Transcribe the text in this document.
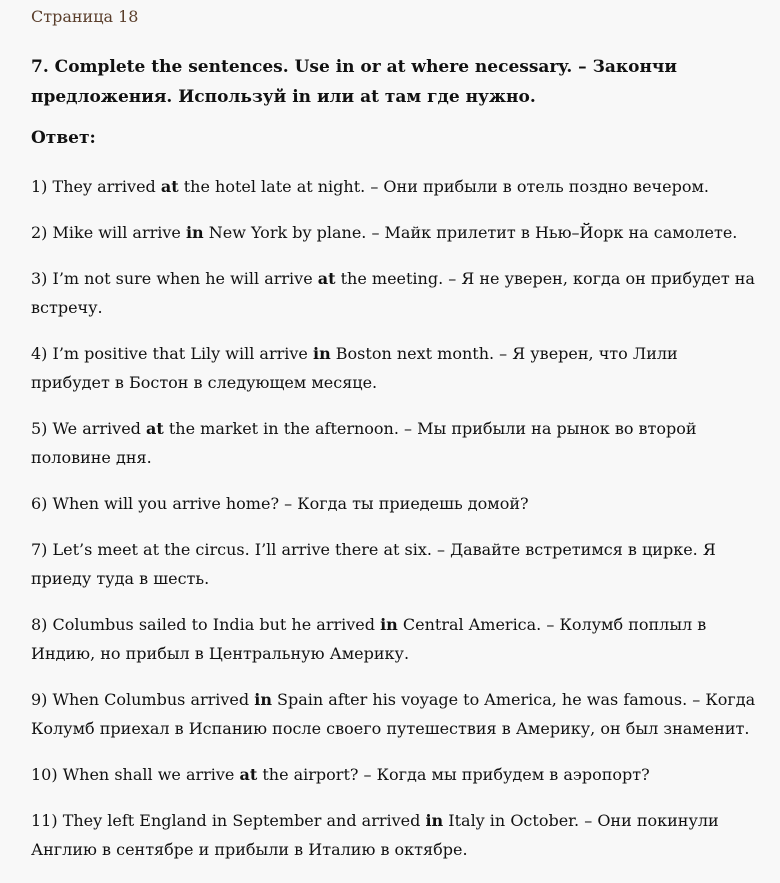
Страница 18

7. Complete the sentences. Use in or at where necessary. – Закончи предложения. Используй in или at там где нужно.

Ответ:

1) They arrived at the hotel late at night. – Они прибыли в отель поздно вечером.
2) Mike will arrive in New York by plane. – Майк прилетит в Нью–Йорк на самолете.
3) I’m not sure when he will arrive at the meeting. – Я не уверен, когда он прибудет на встречу.
4) I’m positive that Lily will arrive in Boston next month. – Я уверен, что Лили прибудет в Бостон в следующем месяце.
5) We arrived at the market in the afternoon. – Мы прибыли на рынок во второй половине дня.
6) When will you arrive home? – Когда ты приедешь домой?
7) Let’s meet at the circus. I’ll arrive there at six. – Давайте встретимся в цирке. Я приеду туда в шесть.
8) Columbus sailed to India but he arrived in Central America. – Колумб поплыл в Индию, но прибыл в Центральную Америку.
9) When Columbus arrived in Spain after his voyage to America, he was famous. – Когда Колумб приехал в Испанию после своего путешествия в Америку, он был знаменит.
10) When shall we arrive at the airport? – Когда мы прибудем в аэропорт?
11) They left England in September and arrived in Italy in October. – Они покинули Англию в сентябре и прибыли в Италию в октябре.
